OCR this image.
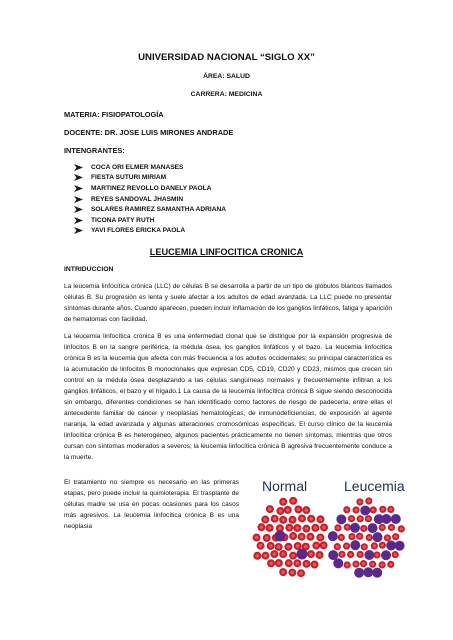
UNIVERSIDAD NACIONAL “SIGLO XX”
ÁREA: SALUD
CARRERA: MEDICINA
MATERIA: FISIOPATOLOGÍA
DOCENTE: DR. JOSE LUIS MIRONES ANDRADE
INTENGRANTES:
COCA ORI ELMER MANASES
FIESTA SUTURI MIRIAM
MARTINEZ REVOLLO DANELY PAOLA
REYES SANDOVAL JHASMIN
SOLARES RAMIREZ SAMANTHA ADRIANA
TICONA PATY RUTH
YAVI FLORES ERICKA PAOLA
LEUCEMIA LINFOCITICA CRONICA
INTRIDUCCION

La leucemia linfocítica crónica (LLC) de células B se desarrolla a partir de un tipo de glóbulos blancos llamados células B. Su progresión es lenta y suele afectar a los adultos de edad avanzada. La LLC puede no presentar síntomas durante años. Cuando aparecen, pueden incluir inflamación de los ganglios linfáticos, fatiga y aparición de hematomas con facilidad.

La leucemia linfocítica crónica B es una enfermedad clonal que se distingue por la expansión progresiva de linfocitos B en la sangre periférica, la médula ósea, los ganglios linfáticos y el bazo. La leucemia linfocítica crónica B es la leucemia que afecta con más frecuencia a los adultos occidentales; su principal característica es la acumulación de linfocitos B monoclonales que expresan CD5, CD19, CD20 y CD23, mismos que crecen sin control en la médula ósea desplazando a las células sanguíneas normales y frecuentemente infiltran a los ganglios linfáticos, el bazo y el hígado.1 La causa de la leucemia linfocítica crónica B sigue siendo desconocida sin embargo, diferentes condiciones se han identificado como factores de riesgo de padecerla, entre ellas el antecedente familiar de cáncer y neoplasias hematológicas, de inmunodeficiencias, de exposición al agente naranja, la edad avanzada y algunas alteraciones cromosómicas específicas. El curso clínico de la leucemia linfocítica crónica B es heterogéneo, algunos pacientes prácticamente no tienen síntomas, mientras que otros cursan con síntomas moderados a severos; la leucemia linfocítica crónica B agresiva frecuentemente conduce a la muerte.

El tratamiento no siempre es necesario en las primeras etapas, pero puede incluir la quimioterapia. El trasplante de células madre se usa en pocas ocasiones para los casos más agresivos. La leucemia linfocítica crónica B es una neoplasia

Normal	Leucemia
